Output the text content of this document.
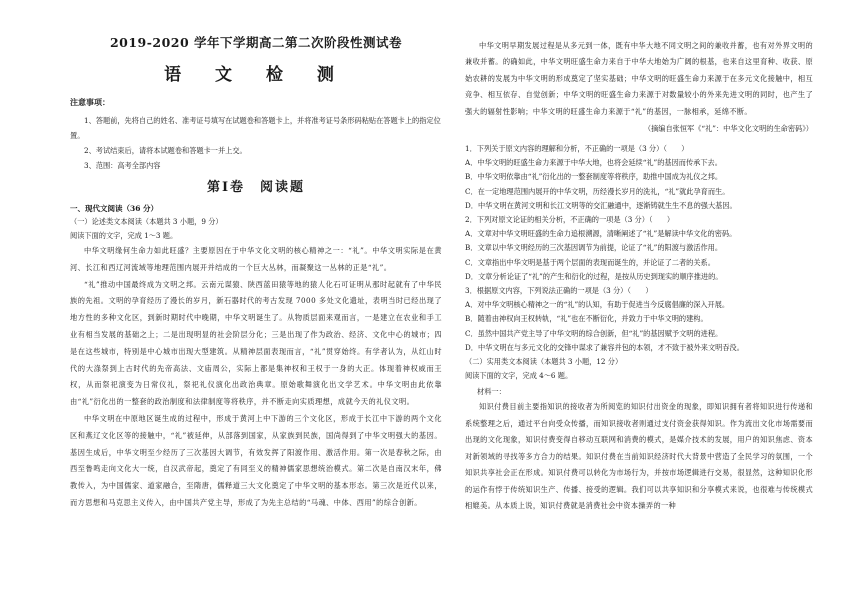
2019-2020 学年下学期高二第二次阶段性测试卷

语 文 检 测

注意事项：

1、答题前，先将自己的姓名、准考证号填写在试题卷和答题卡上，并将准考证号条形码粘贴在答题卡上的指定位置。

2、考试结束后，请将本试题卷和答题卡一并上交。

3、范围：高考全部内容

第Ⅰ卷　阅读题

一、现代文阅读（36 分）

（一）论述类文本阅读（本题共 3 小题，9 分）

阅读下面的文字，完成 1～3 题。

中华文明缘何生命力如此旺盛？主要原因在于中华文化文明的核心精神之一：“礼”。中华文明实际是在黄河、长江和西辽河流域等地理范围内展开并结成的一个巨大丛林，而凝聚这一丛林的正是“礼”。

“礼”推动中国最终成为文明之邦。云南元谋猿、陕西蓝田猿等地的猿人化石可证明从那时起就有了中华民族的先祖。文明的孕育经历了漫长的岁月，新石器时代的考古发现 7000 多处文化遗址，表明当时已经出现了地方性的多种文化区，到新时期时代中晚期，中华文明诞生了。从物质层面来观而言，一是建立在农业和手工业有相当发展的基础之上；二是出现明显的社会阶层分化；三是出现了作为政治、经济、文化中心的城市；四是在这些城市，特别是中心城市出现大型建筑。从精神层面表现而言，“礼”贯穿始终。有学者认为，从红山时代的大涤祭到上古时代的先帝高法、文庙周公，实际上都是集神权和王权于一身的大正。体现着神权威而王权，从而祭祀演变为日常仪礼，祭祀礼仪演化出政治典章。原始歌舞演化出文学艺术。中华文明由此依靠由“礼”衍化出的一整套的政治制度和法律制度等将秩序，并不断走向实质理想，成就今天的礼仪文明。

中华文明在中原地区诞生成的过程中，形成于黄河上中下游的三个文化区，形成于长江中下游的两个文化区和燕辽文化区等的接触中，“礼”被延伸，从部落到国家，从家族到民族，国尚得到了中华文明强大的基因。基因生成后，中华文明至少经历了三次基因大调节，有效发挥了阳渡作用、激活作用。第一次是春秋之际，由西至鲁鸣走向文化大一统，自汉武帝起，奠定了有同至义的精神儒家思想统治模式。第二次是自南汉末年，佛教传入，为中国儒家、道家融合，至隋唐，儒释道三大文化奠定了中华文明的基本形态。第三次是近代以来，而方思想和马克思主义传入，由中国共产党主导，形成了为先主总结的“马魂、中体、西用”的综合创新。

中华文明早期发展过程是从多元到一体，既有中华大地不同文明之间的兼收并蓄，也有对外界文明的兼收并蓄。的确如此，中华文明旺盛生命力来自于中华大地始为广阔的根基，也来自这里育种、收获、原始农耕的发展为中华文明的形成奠定了坚实基础；中华文明的旺盛生命力来源于在多元文化接触中，相互竞争、相互依存、自觉创新；中华文明的旺盛生命力来源于对数量较小的外来先进文明的同时，也产生了强大的辐射性影响；中华文明的旺盛生命力来源于“礼”的基因，一脉相承，延绵不断。

（摘编自张恒军《“礼”：中华文化文明的生命密码》）

1．下列关于原文内容的理解和分析，不正确的一项是（3 分）（　　）

A．中华文明的旺盛生命力来源于中华大地，也将会延续“礼”的基因而传承下去。

B．中华文明依靠由“礼”衍化出的一整套制度等将秩序，助推中国成为礼仪之邦。

C．在一定地理范围内展开的中华文明，历经漫长岁月的洗礼，“礼”就此孕育而生。

D．中华文明在黄河文明和长江文明等的交汇融通中，逐渐铸就生生不息的强大基因。

2．下列对原文论证的相关分析，不正确的一项是（3 分）（　　）

A．文章对中华文明旺盛的生命力追根溯源，清晰阐述了“礼”是解读中华文化的密码。

B．文章以中华文明经历的三次基因调节为前提，论证了“礼”的阳渡与激活作用。

C．文章指出中华文明是基于两个层面的表现而诞生的，并论证了二者的关系。

D．文章分析论证了“礼”的产生和衍化的过程，是按从历史到现实的顺序推进的。

3．根据原文内容，下列说法正确的一项是（3 分）（　　）

A．对中华文明核心精神之一的“礼”的认知，有助于促进当今反腐倡廉的深入开展。

B．随着由神权向王权转轨，“礼”也在不断衍化，并致力于中华文明的建构。

C．虽然中国共产党主导了中华文明的综合创新，但“礼”的基因赋予文明的进程。

D．中华文明在与多元文化的交锋中谋求了兼容并包的本领，才不致于被外来文明吞没。

（二）实用类文本阅读（本题共 3 小题，12 分）

阅读下面的文字，完成 4～6 题。

材料一：

知识付费目前主要指知识的接收者为所阅览的知识付出资金的现象，即知识拥有者将知识进行传递和系统整理之后，通过平台向受众传播，而知识接收者则通过支付资金获得知识。作为流出文化市场需要而出现的文化现象，知识付费变得自移动互联网和消费的模式，是媒介技术的发展，用户的知识焦虑、资本对新领域的寻找等多方合力的结果。知识付费在当前知识经济时代大背景中营造了全民学习的氛围，一个知识共享社会正在形成。知识付费可以转化为市场行为，并按市场逻辑进行交易，很显然，这种知识化形的运作有悖于传统知识生产、传播、接受的逻辑。我们可以共享知识和分享模式来说，也很难与传统模式相媲美。从本质上说，知识付费就是消费社会中资本操弄的一种
